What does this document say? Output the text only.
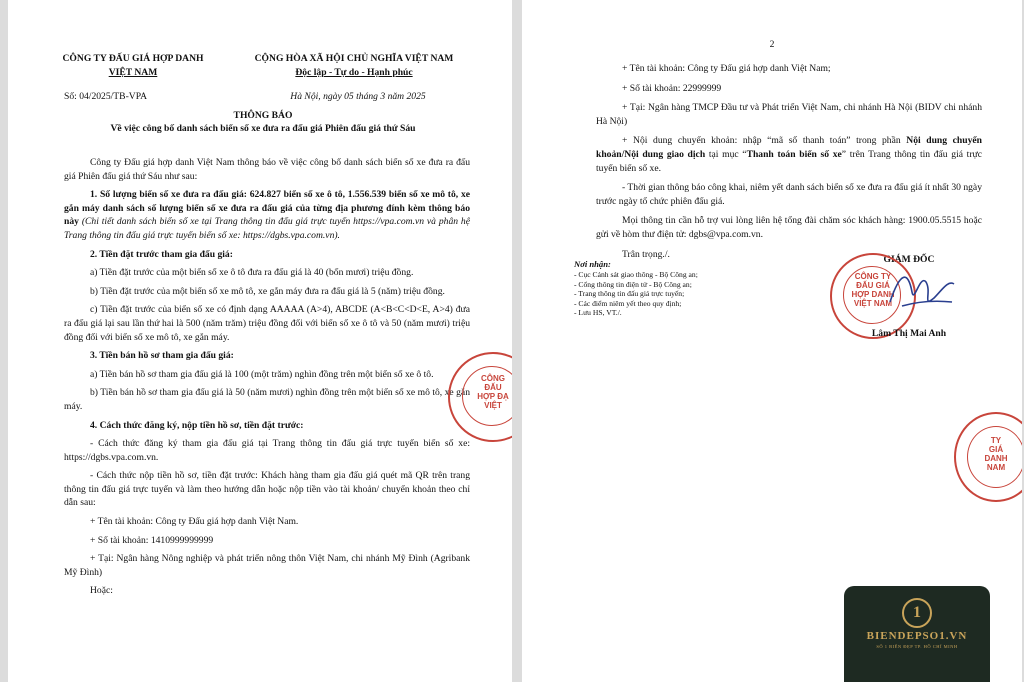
CÔNG TY ĐẤU GIÁ HỢP DANH
VIỆT NAM
CỘNG HÒA XÃ HỘI CHỦ NGHĨA VIỆT NAM
Độc lập - Tự do - Hạnh phúc
Số: 04/2025/TB-VPA	Hà Nội, ngày 05 tháng 3 năm 2025
THÔNG BÁO
Về việc công bố danh sách biển số xe đưa ra đấu giá Phiên đấu giá thứ Sáu
Công ty Đấu giá hợp danh Việt Nam thông báo về việc công bố danh sách biển số xe đưa ra đấu giá Phiên đấu giá thứ Sáu như sau:
1. Số lượng biển số xe đưa ra đấu giá: 624.827 biển số xe ô tô, 1.556.539 biển số xe mô tô, xe gắn máy danh sách số lượng biển số xe đưa ra đấu giá của từng địa phương đính kèm thông báo này (Chi tiết danh sách biển số xe tại Trang thông tin đấu giá trực tuyến https://vpa.com.vn và phân hệ Trang thông tin đấu giá trực tuyến biển số xe: https://dgbs.vpa.com.vn).
2. Tiền đặt trước tham gia đấu giá:
a) Tiền đặt trước của một biển số xe ô tô đưa ra đấu giá là 40 (bốn mươi) triệu đồng.
b) Tiền đặt trước của một biển số xe mô tô, xe gắn máy đưa ra đấu giá là 5 (năm) triệu đồng.
c) Tiền đặt trước của biển số xe có định dạng AAAAA (A>4), ABCDE (A<B<C<D<E, A>4) đưa ra đấu giá lại sau lần thứ hai là 500 (năm trăm) triệu đồng đối với biển số xe ô tô và 50 (năm mươi) triệu đồng đối với biển số xe mô tô, xe gắn máy.
3. Tiền bán hồ sơ tham gia đấu giá:
a) Tiền bán hồ sơ tham gia đấu giá là 100 (một trăm) nghìn đồng trên một biển số xe ô tô.
b) Tiền bán hồ sơ tham gia đấu giá là 50 (năm mươi) nghìn đồng trên một biển số xe mô tô, xe gắn máy.
4. Cách thức đăng ký, nộp tiền hồ sơ, tiền đặt trước:
- Cách thức đăng ký tham gia đấu giá tại Trang thông tin đấu giá trực tuyến biển số xe: https://dgbs.vpa.com.vn.
- Cách thức nộp tiền hồ sơ, tiền đặt trước: Khách hàng tham gia đấu giá quét mã QR trên trang thông tin đấu giá trực tuyến và làm theo hướng dẫn hoặc nộp tiền vào tài khoản/ chuyển khoản theo chỉ dẫn sau:
+ Tên tài khoản: Công ty Đấu giá hợp danh Việt Nam.
+ Số tài khoản: 1410999999999
+ Tại: Ngân hàng Nông nghiệp và phát triển nông thôn Việt Nam, chi nhánh Mỹ Đình (Agribank Mỹ Đình)
Hoặc:
CÔNG
ĐẤU
HỢP ĐẠ
VIỆT
2
+ Tên tài khoản: Công ty Đấu giá hợp danh Việt Nam;
+ Số tài khoản: 22999999
+ Tại: Ngân hàng TMCP Đầu tư và Phát triển Việt Nam, chi nhánh Hà Nội (BIDV chi nhánh Hà Nội)
+ Nội dung chuyển khoản: nhập “mã số thanh toán” trong phần Nội dung chuyển khoản/Nội dung giao dịch tại mục “Thanh toán biển số xe” trên Trang thông tin đấu giá trực tuyến biển số xe.
- Thời gian thông báo công khai, niêm yết danh sách biển số xe đưa ra đấu giá ít nhất 30 ngày trước ngày tổ chức phiên đấu giá.
Mọi thông tin cần hỗ trợ vui lòng liên hệ tổng đài chăm sóc khách hàng: 1900.05.5515 hoặc gửi về hòm thư điện tử: dgbs@vpa.com.vn.
Trân trọng./.
Nơi nhận:
- Cục Cảnh sát giao thông - Bộ Công an;
- Cổng thông tin điện tử - Bộ Công an;
- Trang thông tin đấu giá trực tuyến;
- Các điểm niêm yết theo quy định;
- Lưu HS, VT./.
GIÁM ĐỐC
CÔNG TY
ĐẤU GIÁ
HỢP DANH
VIỆT NAM
Lâm Thị Mai Anh
TY
GIÁ
DANH
NAM
1
BIENDEPSO1.VN
SỐ 1 BIỂN ĐẸP TP. HỒ CHÍ MINH
